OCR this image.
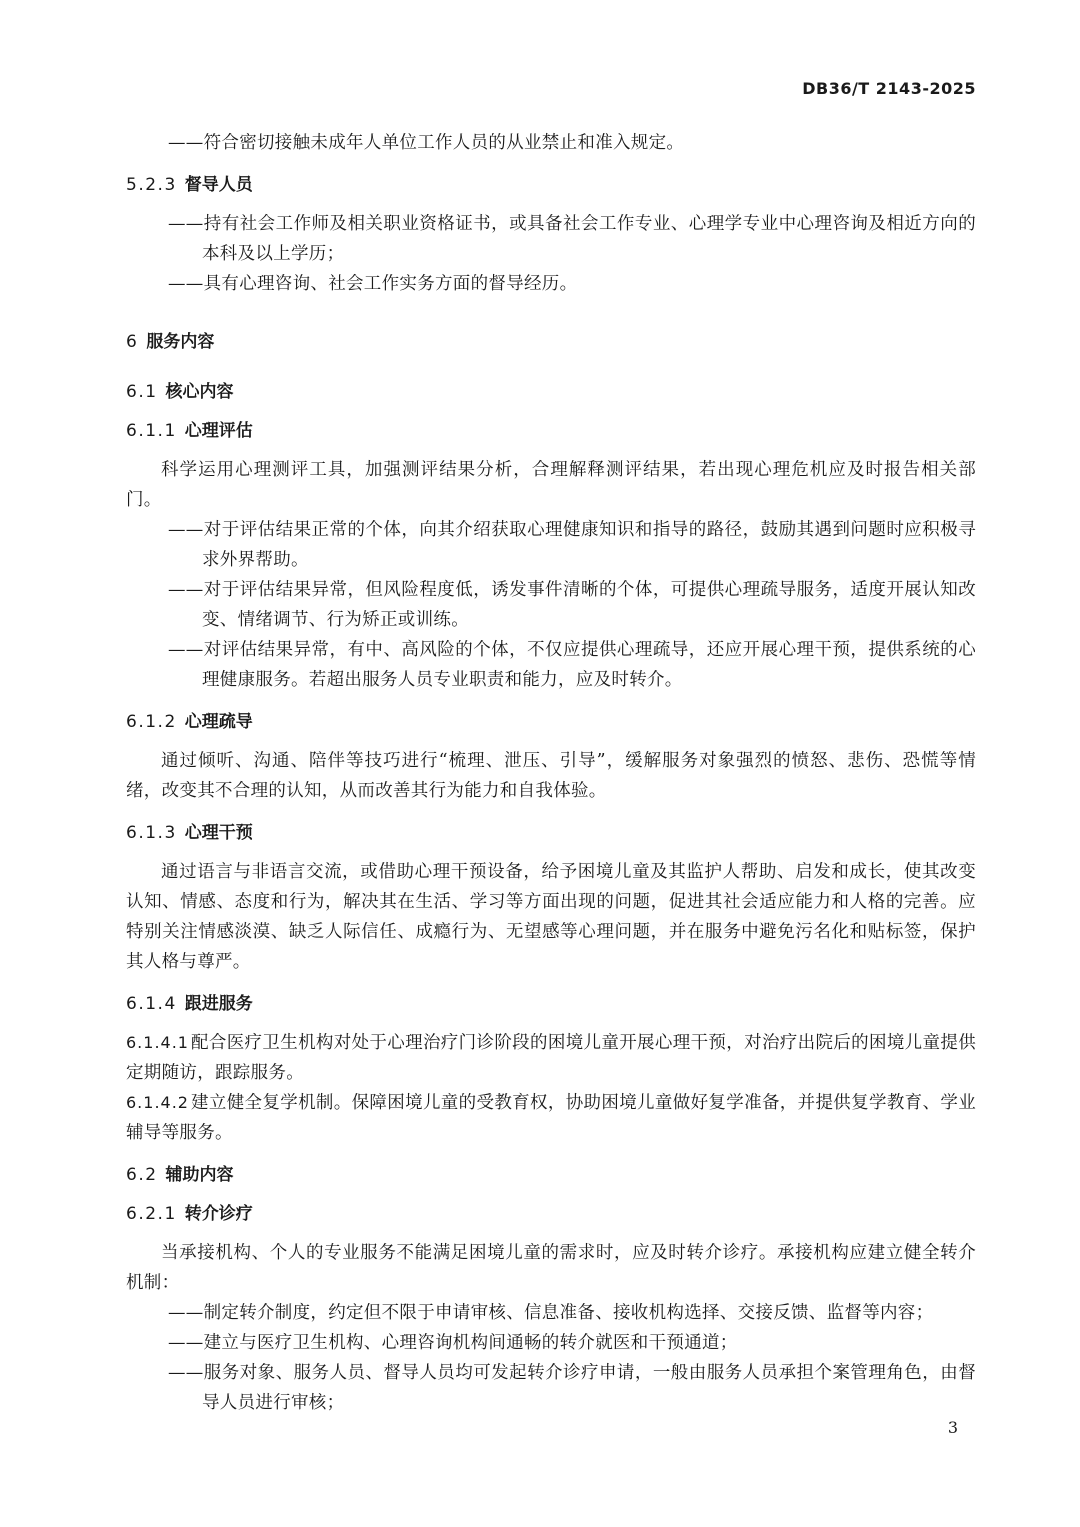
DB36/T 2143-2025

——符合密切接触未成年人单位工作人员的从业禁止和准入规定。

5.2.3 督导人员

——持有社会工作师及相关职业资格证书，或具备社会工作专业、心理学专业中心理咨询及相近方向的本科及以上学历；

——具有心理咨询、社会工作实务方面的督导经历。

6 服务内容
6.1 核心内容
6.1.1 心理评估

科学运用心理测评工具，加强测评结果分析，合理解释测评结果，若出现心理危机应及时报告相关部门。

——对于评估结果正常的个体，向其介绍获取心理健康知识和指导的路径，鼓励其遇到问题时应积极寻求外界帮助。

——对于评估结果异常，但风险程度低，诱发事件清晰的个体，可提供心理疏导服务，适度开展认知改变、情绪调节、行为矫正或训练。

——对评估结果异常，有中、高风险的个体，不仅应提供心理疏导，还应开展心理干预，提供系统的心理健康服务。若超出服务人员专业职责和能力，应及时转介。

6.1.2 心理疏导

通过倾听、沟通、陪伴等技巧进行“梳理、泄压、引导”，缓解服务对象强烈的愤怒、悲伤、恐慌等情绪，改变其不合理的认知，从而改善其行为能力和自我体验。

6.1.3 心理干预

通过语言与非语言交流，或借助心理干预设备，给予困境儿童及其监护人帮助、启发和成长，使其改变认知、情感、态度和行为，解决其在生活、学习等方面出现的问题，促进其社会适应能力和人格的完善。应特别关注情感淡漠、缺乏人际信任、成瘾行为、无望感等心理问题，并在服务中避免污名化和贴标签，保护其人格与尊严。

6.1.4 跟进服务

6.1.4.1 配合医疗卫生机构对处于心理治疗门诊阶段的困境儿童开展心理干预，对治疗出院后的困境儿童提供定期随访，跟踪服务。

6.1.4.2 建立健全复学机制。保障困境儿童的受教育权，协助困境儿童做好复学准备，并提供复学教育、学业辅导等服务。

6.2 辅助内容
6.2.1 转介诊疗

当承接机构、个人的专业服务不能满足困境儿童的需求时，应及时转介诊疗。承接机构应建立健全转介机制：

——制定转介制度，约定但不限于申请审核、信息准备、接收机构选择、交接反馈、监督等内容；

——建立与医疗卫生机构、心理咨询机构间通畅的转介就医和干预通道；

——服务对象、服务人员、督导人员均可发起转介诊疗申请，一般由服务人员承担个案管理角色，由督导人员进行审核；

3
